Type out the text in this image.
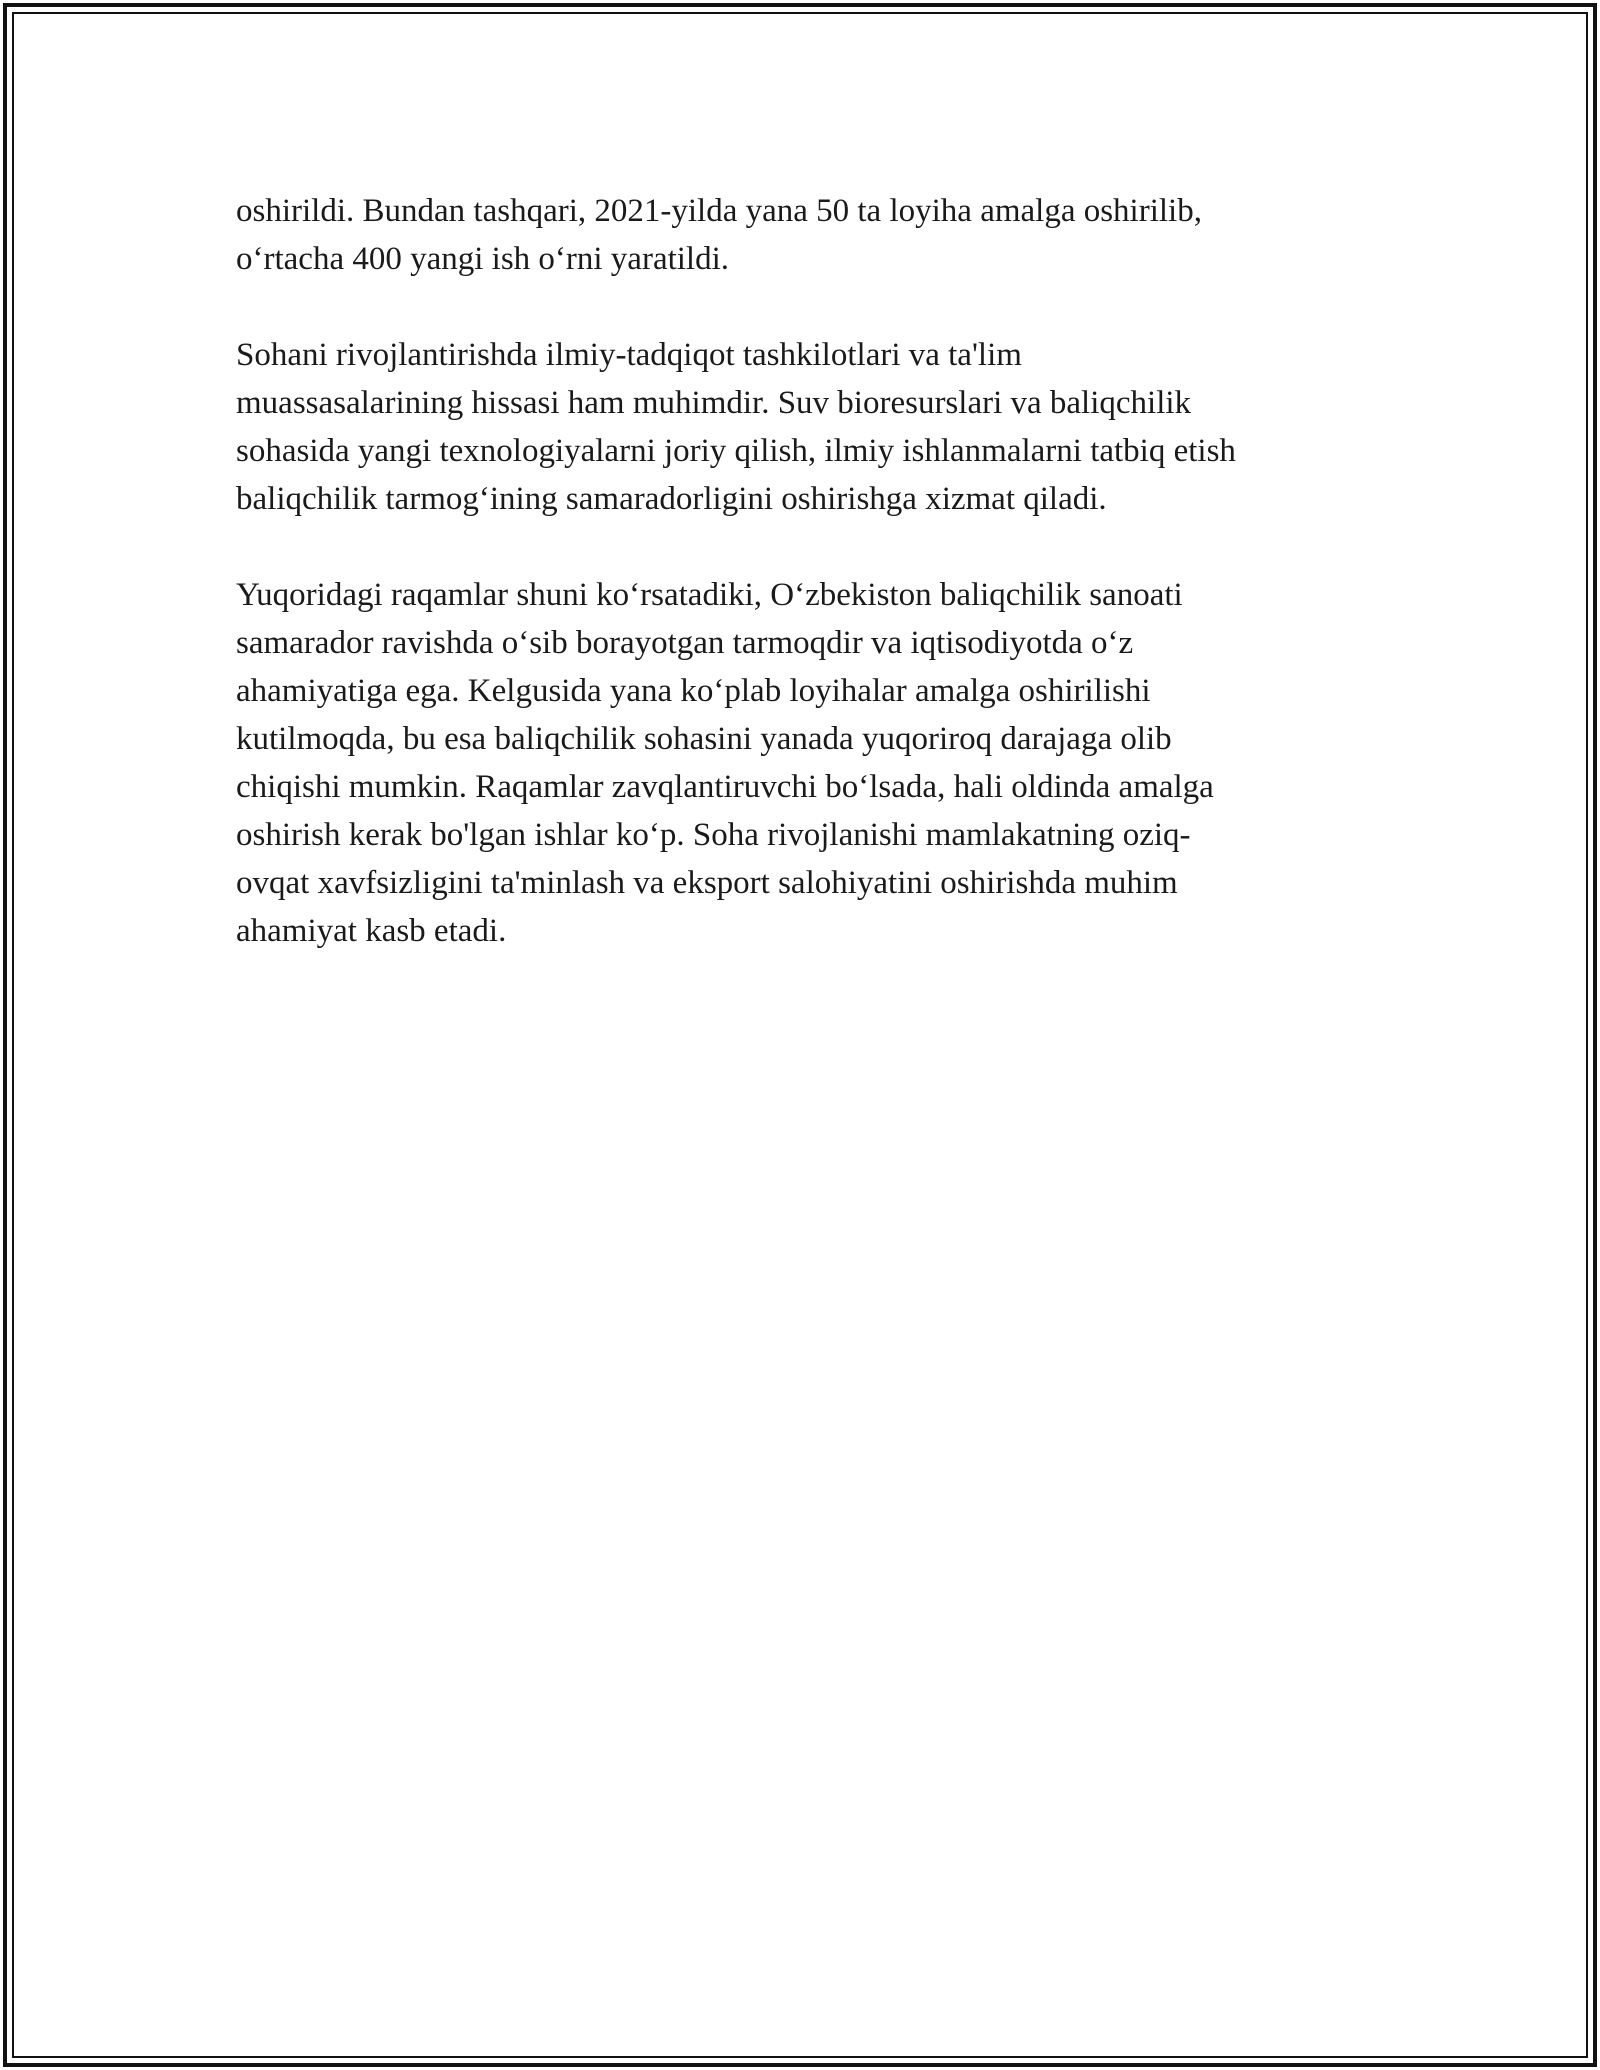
oshirildi. Bundan tashqari, 2021-yilda yana 50 ta loyiha amalga oshirilib,
o‘rtacha 400 yangi ish o‘rni yaratildi.

Sohani rivojlantirishda ilmiy-tadqiqot tashkilotlari va ta'lim
muassasalarining hissasi ham muhimdir. Suv bioresurslari va baliqchilik
sohasida yangi texnologiyalarni joriy qilish, ilmiy ishlanmalarni tatbiq etish
baliqchilik tarmog‘ining samaradorligini oshirishga xizmat qiladi.

Yuqoridagi raqamlar shuni ko‘rsatadiki, O‘zbekiston baliqchilik sanoati
samarador ravishda o‘sib borayotgan tarmoqdir va iqtisodiyotda o‘z
ahamiyatiga ega. Kelgusida yana ko‘plab loyihalar amalga oshirilishi
kutilmoqda, bu esa baliqchilik sohasini yanada yuqoriroq darajaga olib
chiqishi mumkin. Raqamlar zavqlantiruvchi bo‘lsada, hali oldinda amalga
oshirish kerak bo'lgan ishlar ko‘p. Soha rivojlanishi mamlakatning oziq-
ovqat xavfsizligini ta'minlash va eksport salohiyatini oshirishda muhim
ahamiyat kasb etadi.
